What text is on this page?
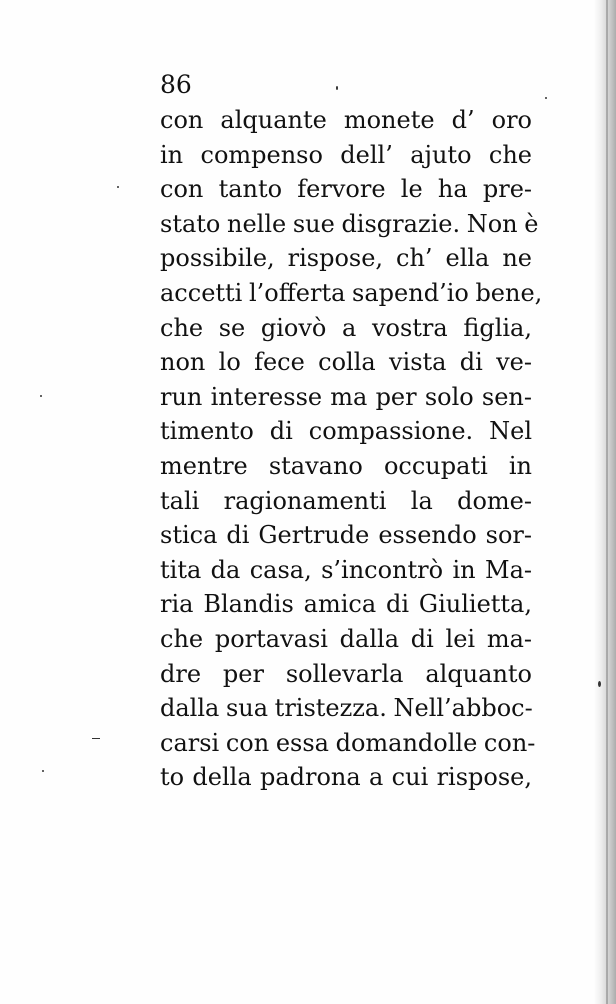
86
con alquante monete d’ oro
in compenso dell’ ajuto che
con tanto fervore le ha pre-
stato nelle sue disgrazie. Non è
possibile, rispose, ch’ ella ne
accetti l’offerta sapend’io bene,
che se giovò a vostra figlia,
non lo fece colla vista di ve-
run interesse ma per solo sen-
timento di compassione. Nel
mentre stavano occupati in
tali ragionamenti la dome-
stica di Gertrude essendo sor-
tita da casa, s’incontrò in Ma-
ria Blandis amica di Giulietta,
che portavasi dalla di lei ma-
dre per sollevarla alquanto
dalla sua tristezza. Nell’abboc-
carsi con essa domandolle con-
to della padrona a cui rispose,
